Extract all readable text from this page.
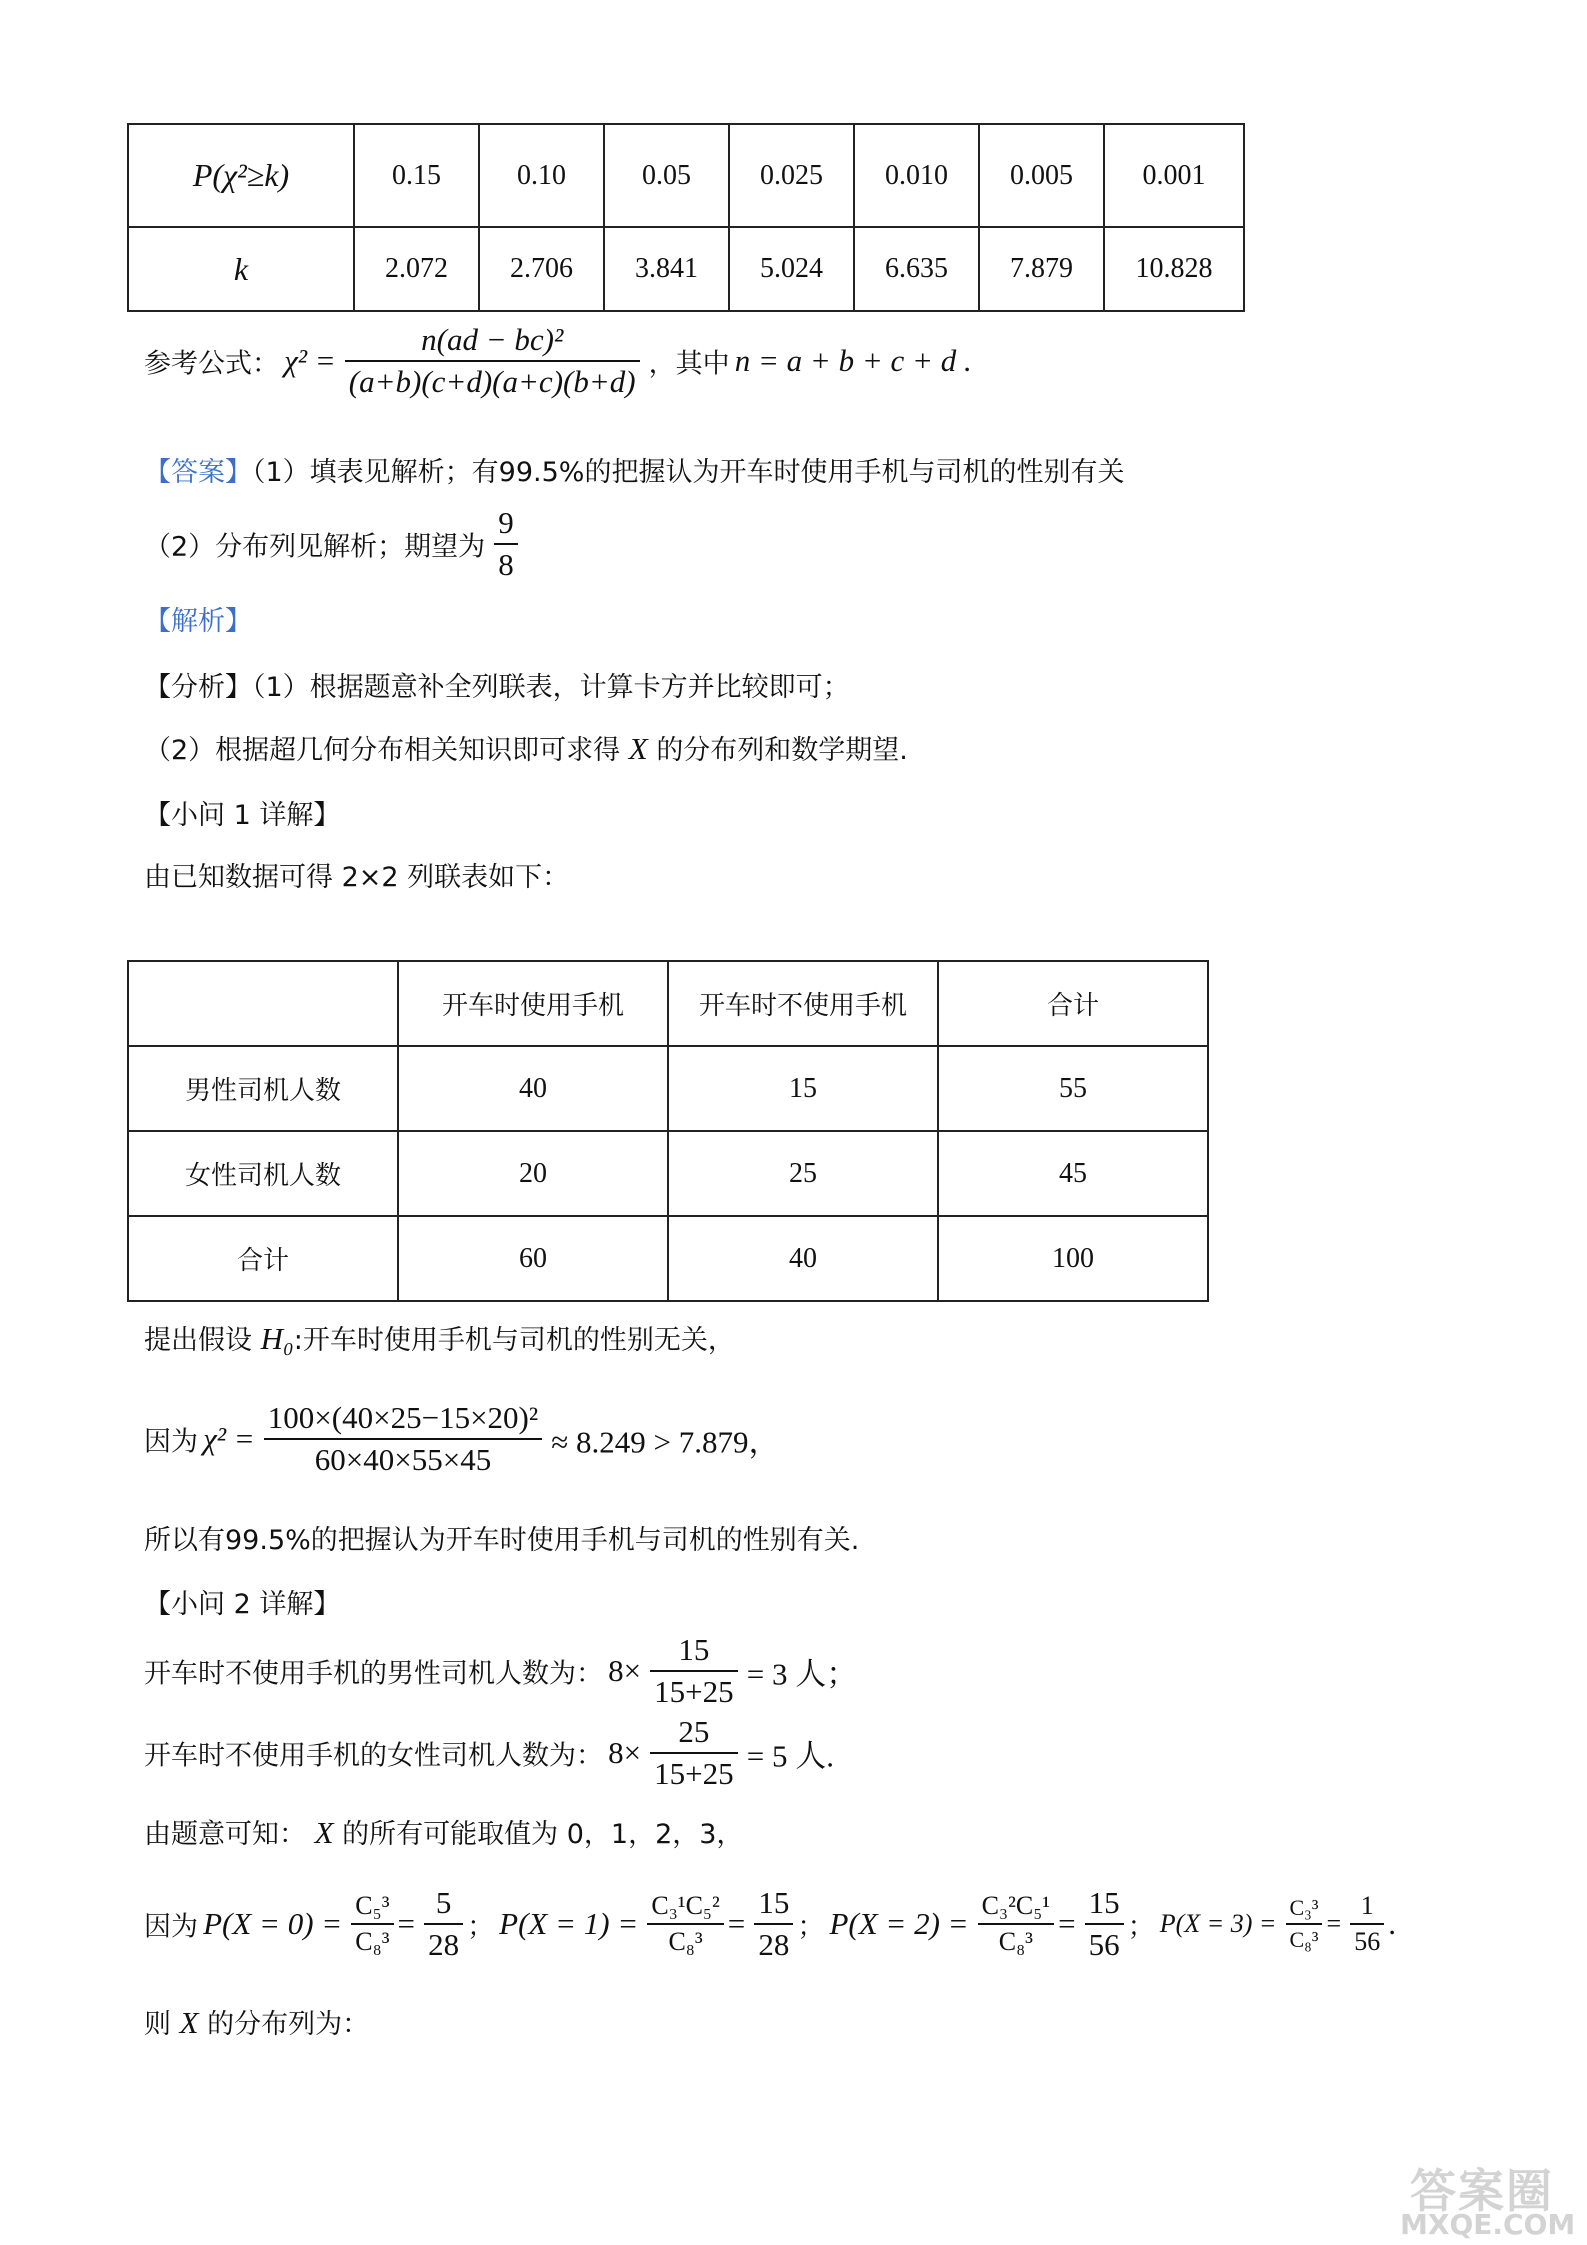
P(χ²≥k)	0.15	0.10	0.05	0.025	0.010	0.005	0.001
k	2.072	2.706	3.841	5.024	6.635	7.879	10.828
参考公式： $\chi^2 = \frac{\text{n(ad − bc)²}}{(a+b)(c+d)(a+c)(b+d)}$ ，其中 n = a + b + c + d .
【答案】（1）填表见解析；有99.5%的把握认为开车时使用手机与司机的性别有关
（2）分布列见解析；期望为 $\frac{9}{8}$
【解析】
【分析】（1）根据题意补全列联表，计算卡方并比较即可；
（2）根据超几何分布相关知识即可求得 X 的分布列和数学期望.
【小问 1 详解】
由已知数据可得 2×2 列联表如下：
	开车时使用手机	开车时不使用手机	合计
男性司机人数	40	15	55
女性司机人数	20	25	45
合计	60	40	100
提出假设 H₀:开车时使用手机与司机的性别无关，
因为 $\chi^2 = \frac{\text{100×(40×25−15×20)²}}{60\times 40\times 55\times 45} \approx 8.249 > 7.879$，
所以有99.5%的把握认为开车时使用手机与司机的性别有关.
【小问 2 详解】
开车时不使用手机的男性司机人数为： $8\times \frac{15}{15+25} = 3$ 人；
开车时不使用手机的女性司机人数为： $8\times \frac{25}{15+25} = 5$ 人.
由题意可知： X 的所有可能取值为 0，1，2，3，
因为 $P(X = 0) = \frac{\text{C₅³}}{\text{C₈³}} = \frac{5}{28}$ ； $P(X = 1) = \frac{\text{C₃¹C₅²}}{\text{C₈³}} = \frac{15}{28}$ ； $P(X = 2) = \frac{\text{C₃²C₅¹}}{\text{C₈³}} = \frac{15}{56}$ ； $P(X = 3) = \frac{\text{C₃³}}{\text{C₈³}} = \frac{1}{56}$ .
则 X 的分布列为：
答案圈
MXQE.COM
